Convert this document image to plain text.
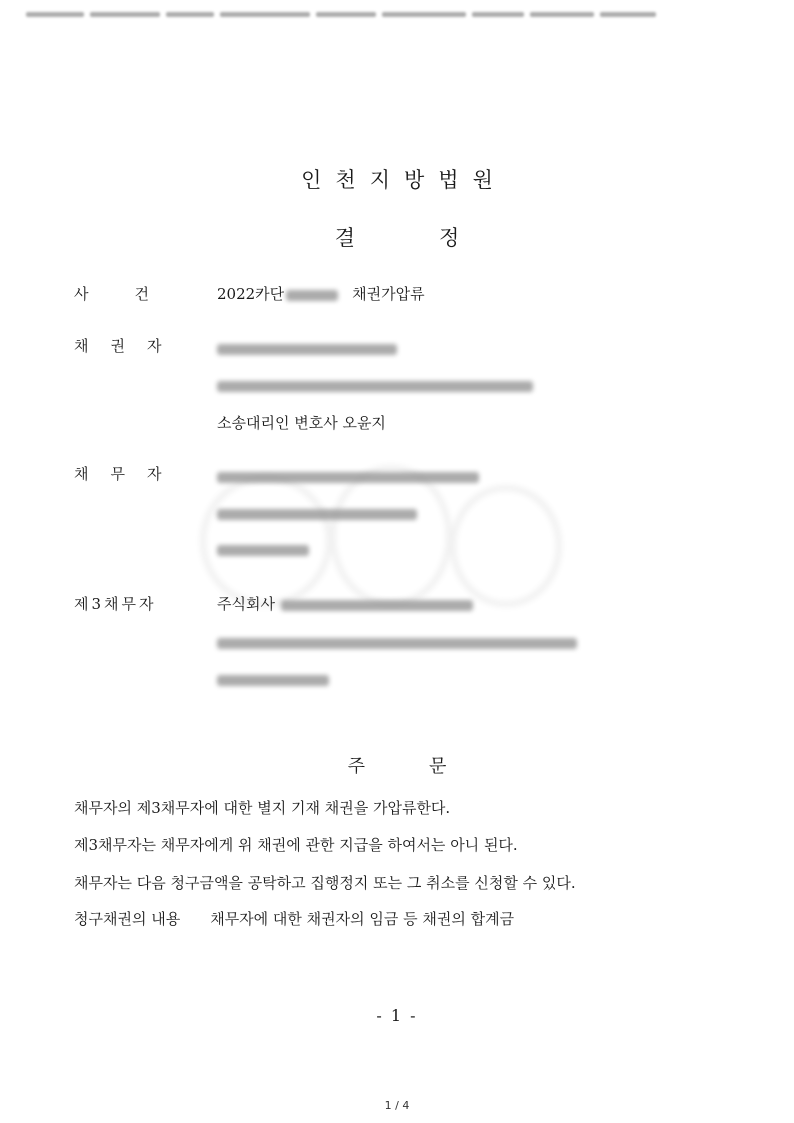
인천지방법원
결	정
사건 2022카단	채권가압류
채권자
소송대리인 변호사 오윤지
채무자
제3채무자	주식회사
주	문
채무자의 제3채무자에 대한 별지 기재 채권을 가압류한다.
제3채무자는 채무자에게 위 채권에 관한 지급을 하여서는 아니 된다.
채무자는 다음 청구금액을 공탁하고 집행정지 또는 그 취소를 신청할 수 있다.
청구채권의 내용 채무자에 대한 채권자의 임금 등 채권의 합계금
- 1 -
1 / 4
